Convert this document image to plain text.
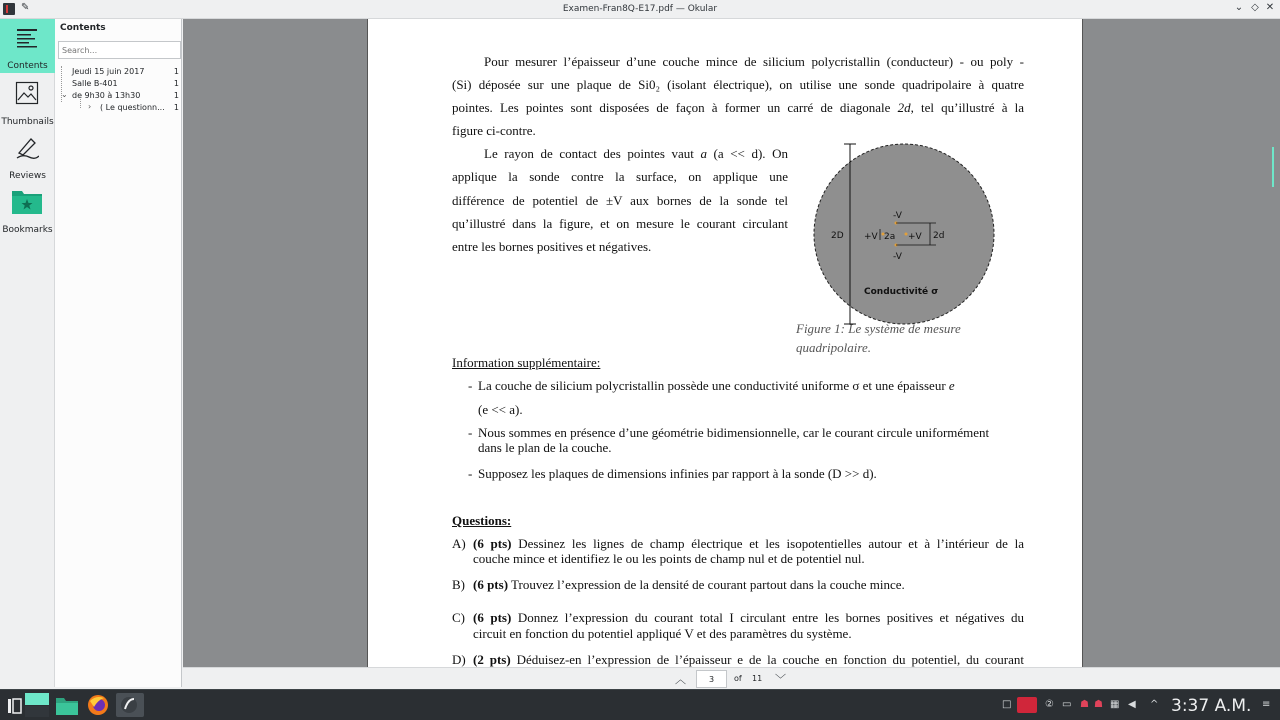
✎	Examen-Fran8Q-E17.pdf — Okular	⌄ ◇ ✕
Contents
Thumbnails
Reviews
Bookmarks
Contents
Search...
Jeudi 15 juin 2017	1
Salle B-401	1
⌄ de 9h30 à 13h30	1
› ( Le questionn... 1
Pour mesurer l’épaisseur d’une couche mince de silicium polycristallin (conducteur) - ou poly -
(Si) déposée sur une plaque de Si0₂ (isolant électrique), on utilise une sonde quadripolaire à quatre
pointes. Les pointes sont disposées de façon à former un carré de diagonale 2d, tel qu’illustré à la
figure ci-contre.
Le rayon de contact des pointes vaut a (a << d). On
applique la sonde contre la surface, on applique une
différence de potentiel de ±V aux bornes de la sonde tel
qu’illustré dans la figure, et on mesure le courant circulant
entre les bornes positives et négatives.
2D
-V
-V
+V	+V
2a	2d
Conductivité σ
Figure 1: Le système de mesure quadripolaire.
Information supplémentaire:
- La couche de silicium polycristallin possède une conductivité uniforme σ et une épaisseur e
(e << a).
- Nous sommes en présence d’une géométrie bidimensionnelle, car le courant circule uniformément
dans le plan de la couche.
- Supposez les plaques de dimensions infinies par rapport à la sonde (D >> d).
Questions:
A) (6 pts) Dessinez les lignes de champ électrique et les isopotentielles autour et à l’intérieur de la
couche mince et identifiez le ou les points de champ nul et de potentiel nul.
B) (6 pts) Trouvez l’expression de la densité de courant partout dans la couche mince.
C) (6 pts) Donnez l’expression du courant total I circulant entre les bornes positives et négatives du
circuit en fonction du potentiel appliqué V et des paramètres du système.
D) (2 pts) Déduisez-en l’expression de l’épaisseur e de la couche en fonction du potentiel, du courant
︿	3	of 11 ﹀
□	② ▭ ☗ ☗ ▦ ◀ ^ 3:37 A.M. ≡
